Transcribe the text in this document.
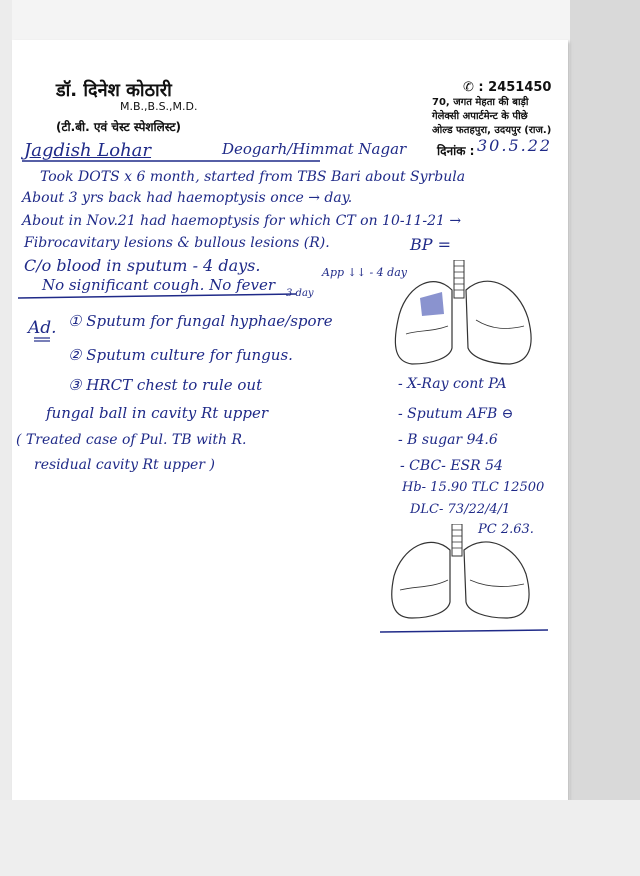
डॉ. दिनेश कोठारी
M.B.,B.S.,M.D.
(टी.बी. एवं चेस्ट स्पेशलिस्ट)
✆ : 2451450
70, जगत मेहता की बाड़ी
गेलेक्सी अपार्टमेन्ट के पीछे
ओल्ड फतहपुरा, उदयपुर (राज.)
दिनांक : 30.5.22
Jagdish Lohar	Deogarh/Himmat Nagar
Took DOTS x 6 month, started from TBS Bari about Syrbula
About 3 yrs back had haemoptysis once → day.
About in Nov.21 had haemoptysis for which CT on 10-11-21 →
Fibrocavitary lesions & bullous lesions (R).	BP =
C/o blood in sputum - 4 days.
No significant cough. No fever
App ↓↓ - 4 day
3 day
Ad. ① Sputum for fungal hyphae/spore
② Sputum culture for fungus.
③ HRCT chest to rule out
fungal ball in cavity Rt upper
( Treated case of Pul. TB with R.
residual cavity Rt upper )
- X-Ray cont PA
- Sputum AFB ⊖
- B sugar 94.6
- CBC- ESR 54
Hb- 15.90 TLC 12500
DLC- 73/22/4/1
PC 2.63.
